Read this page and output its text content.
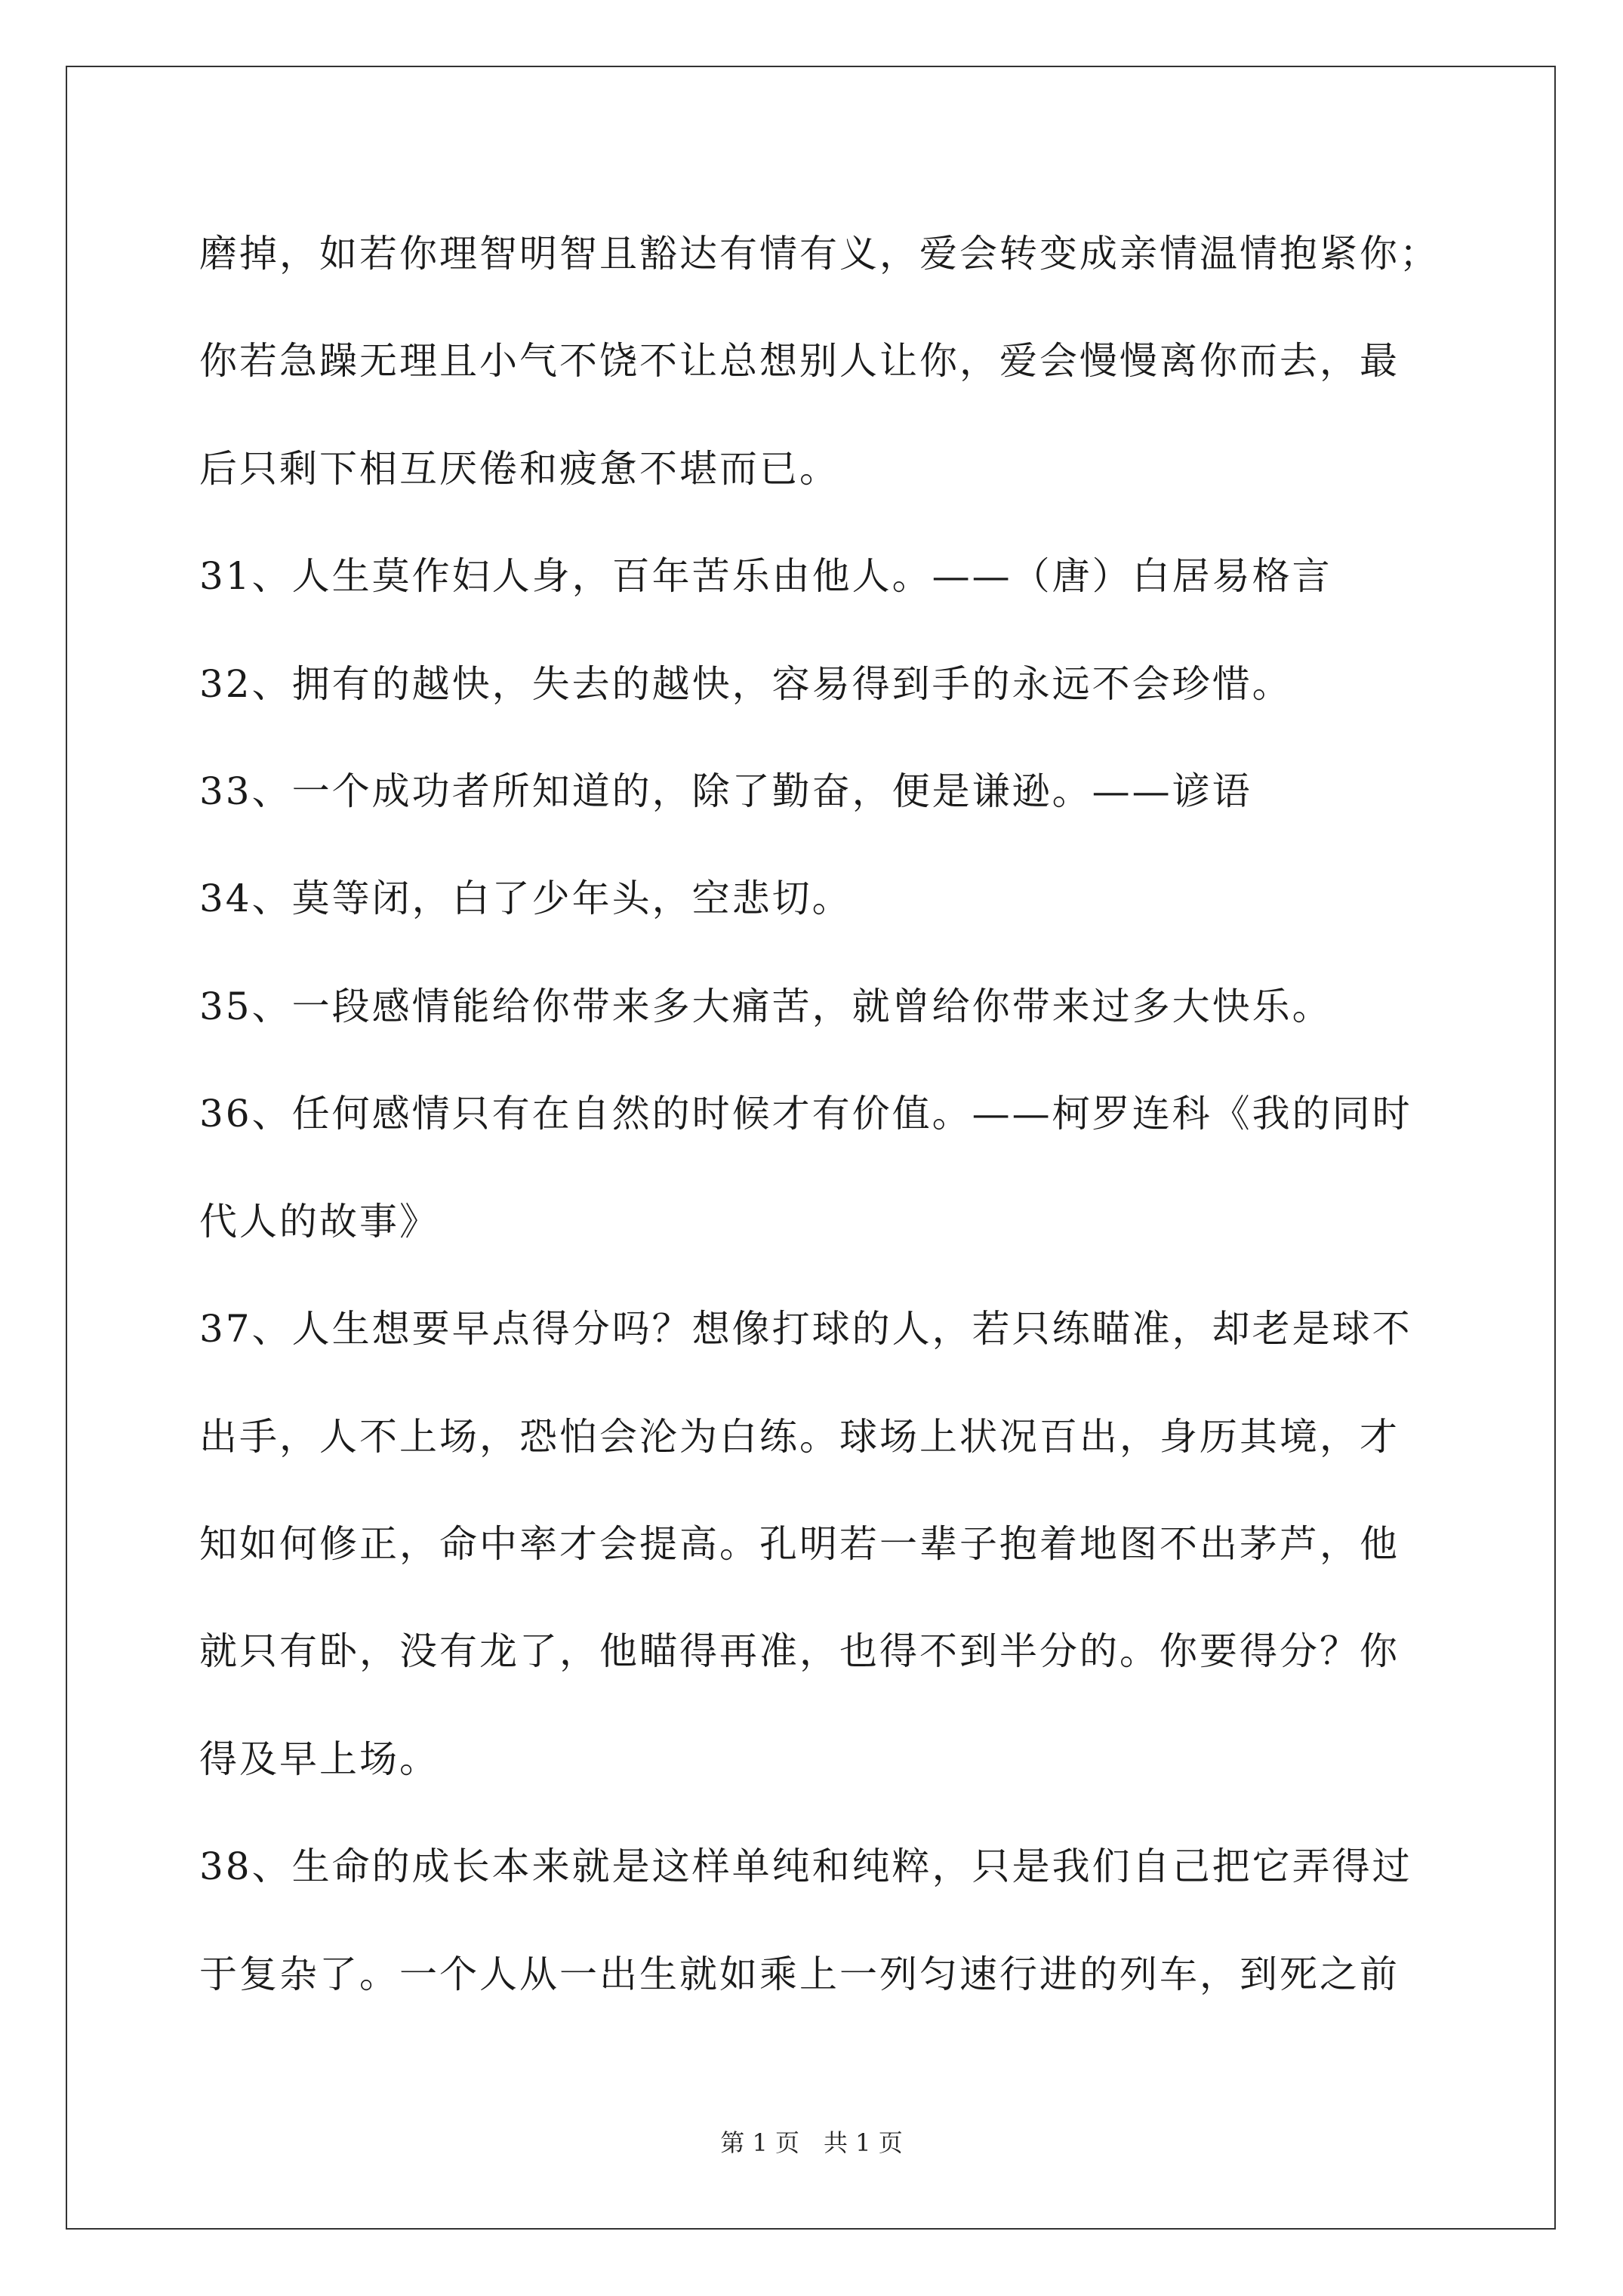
磨掉，如若你理智明智且豁达有情有义，爱会转变成亲情温情抱紧你；
你若急躁无理且小气不饶不让总想别人让你，爱会慢慢离你而去，最
后只剩下相互厌倦和疲惫不堪而已。
31、人生莫作妇人身，百年苦乐由他人。——（唐）白居易格言
32、拥有的越快，失去的越快，容易得到手的永远不会珍惜。
33、一个成功者所知道的，除了勤奋，便是谦逊。——谚语
34、莫等闭，白了少年头，空悲切。
35、一段感情能给你带来多大痛苦，就曾给你带来过多大快乐。
36、任何感情只有在自然的时候才有价值。——柯罗连科《我的同时
代人的故事》
37、人生想要早点得分吗？想像打球的人，若只练瞄准，却老是球不
出手，人不上场，恐怕会沦为白练。球场上状况百出，身历其境，才
知如何修正，命中率才会提高。孔明若一辈子抱着地图不出茅芦，他
就只有卧，没有龙了，他瞄得再准，也得不到半分的。你要得分？你
得及早上场。
38、生命的成长本来就是这样单纯和纯粹，只是我们自己把它弄得过
于复杂了。一个人从一出生就如乘上一列匀速行进的列车，到死之前
第 1 页　共 1 页
